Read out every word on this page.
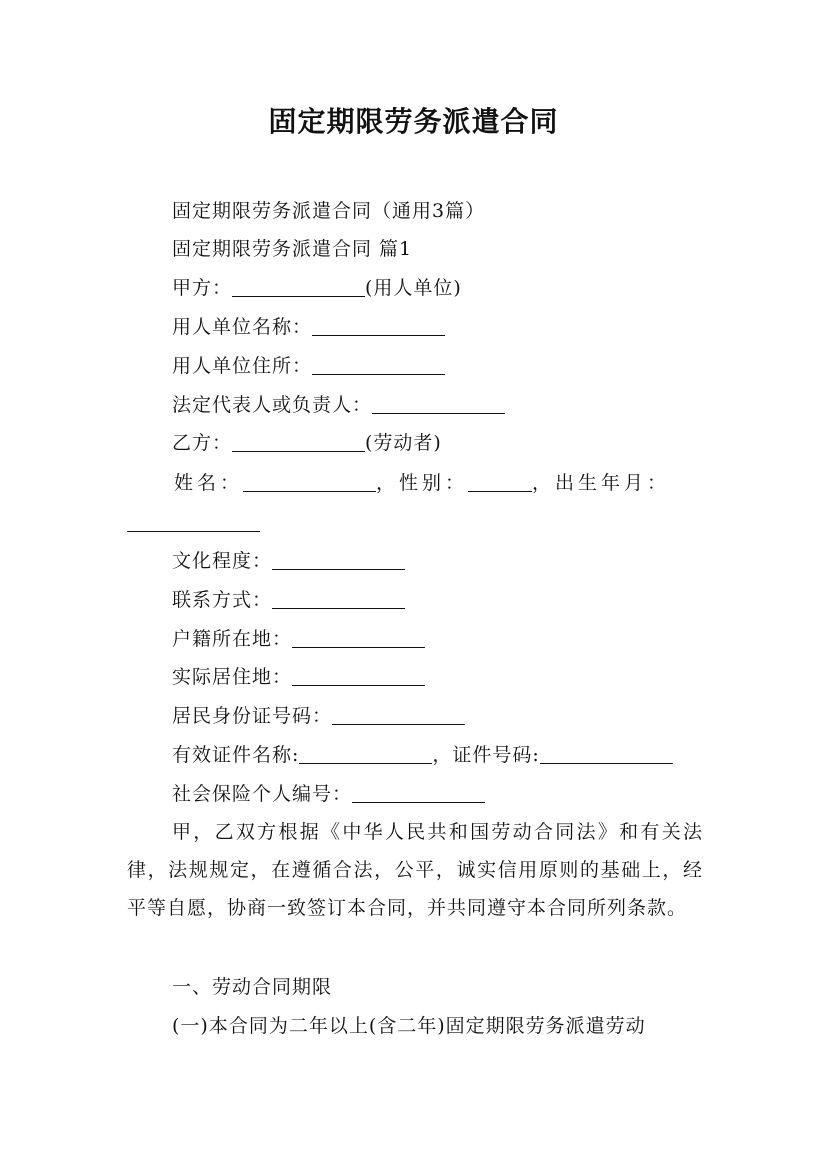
固定期限劳务派遣合同
固定期限劳务派遣合同（通用3篇）
固定期限劳务派遣合同 篇1
甲方：	(用人单位)
用人单位名称：
用人单位住所：
法定代表人或负责人：
乙方：	(劳动者)
姓名：	，性别：	，出生年月：
文化程度：
联系方式：
户籍所在地：
实际居住地：
居民身份证号码：
有效证件名称:	，证件号码:
社会保险个人编号：
甲，乙双方根据《中华人民共和国劳动合同法》和有关法律，法规规定，在遵循合法，公平，诚实信用原则的基础上，经平等自愿，协商一致签订本合同，并共同遵守本合同所列条款。
一、劳动合同期限
(一)本合同为二年以上(含二年)固定期限劳务派遣劳动
